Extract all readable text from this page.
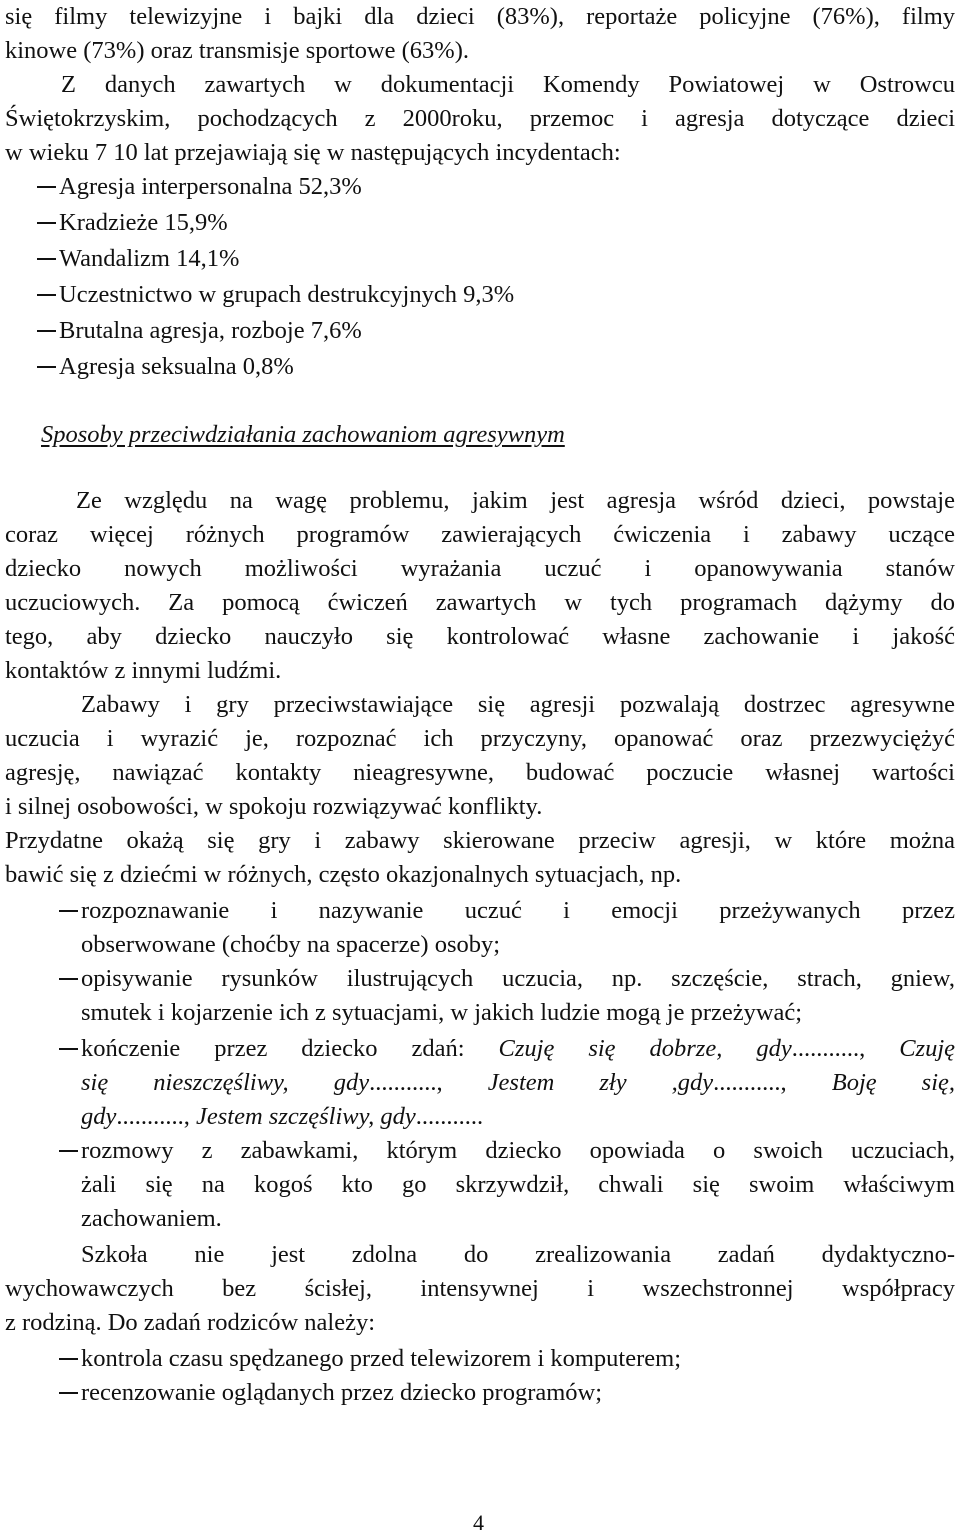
się filmy telewizyjne i bajki dla dzieci (83%), reportaże policyjne (76%), filmy
kinowe (73%) oraz transmisje sportowe (63%).
Z danych zawartych w dokumentacji Komendy Powiatowej w Ostrowcu
Świętokrzyskim, pochodzących z 2000roku, przemoc i agresja dotyczące dzieci
w wieku 7 10 lat przejawiają się w następujących incydentach:
Agresja interpersonalna 52,3%
Kradzieże 15,9%
Wandalizm 14,1%
Uczestnictwo w grupach destrukcyjnych 9,3%
Brutalna agresja, rozboje 7,6%
Agresja seksualna 0,8%
Sposoby przeciwdziałania zachowaniom agresywnym
Ze względu na wagę problemu, jakim jest agresja wśród dzieci, powstaje
coraz więcej różnych programów zawierających ćwiczenia i zabawy uczące
dziecko nowych możliwości wyrażania uczuć i opanowywania stanów
uczuciowych. Za pomocą ćwiczeń zawartych w tych programach dążymy do
tego, aby dziecko nauczyło się kontrolować własne zachowanie i jakość
kontaktów z innymi ludźmi.
Zabawy i gry przeciwstawiające się agresji pozwalają dostrzec agresywne
uczucia i wyrazić je, rozpoznać ich przyczyny, opanować oraz przezwyciężyć
agresję, nawiązać kontakty nieagresywne, budować poczucie własnej wartości
i silnej osobowości, w spokoju rozwiązywać konflikty.
Przydatne okażą się gry i zabawy skierowane przeciw agresji, w które można
bawić się z dziećmi w różnych, często okazjonalnych sytuacjach, np.
rozpoznawanie i nazywanie uczuć i emocji przeżywanych przez
obserwowane (choćby na spacerze) osoby;
opisywanie rysunków ilustrujących uczucia, np. szczęście, strach, gniew,
smutek i kojarzenie ich z sytuacjami, w jakich ludzie mogą je przeżywać;
kończenie przez dziecko zdań: Czuję się dobrze, gdy..........., Czuję
się nieszczęśliwy, gdy..........., Jestem zły ,gdy..........., Boję się,
gdy..........., Jestem szczęśliwy, gdy...........
rozmowy z zabawkami, którym dziecko opowiada o swoich uczuciach,
żali się na kogoś kto go skrzywdził, chwali się swoim właściwym
zachowaniem.
Szkoła nie jest zdolna do zrealizowania zadań dydaktyczno-
wychowawczych bez ścisłej, intensywnej i wszechstronnej współpracy
z rodziną. Do zadań rodziców należy:
kontrola czasu spędzanego przed telewizorem i komputerem;
recenzowanie oglądanych przez dziecko programów;
4
